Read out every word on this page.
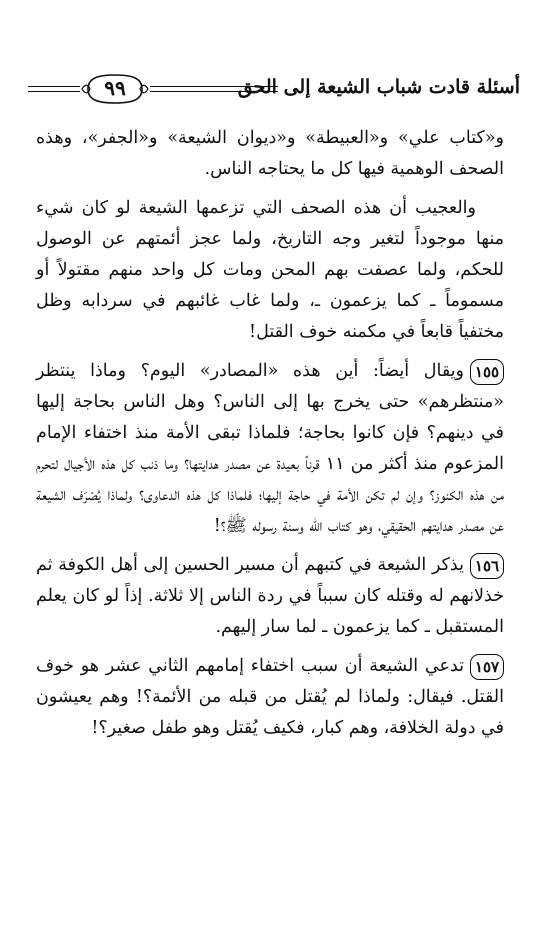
٩٩	أسئلة قادت شباب الشيعة إلى الحق

و«كتاب علي» و«العبيطة» و«ديوان الشيعة» و«الجفر»، وهذه الصحف الوهمية فيها كل ما يحتاجه الناس.

والعجيب أن هذه الصحف التي تزعمها الشيعة لو كان شيء منها موجوداً لتغير وجه التاريخ، ولما عجز أئمتهم عن الوصول للحكم، ولما عصفت بهم المحن ومات كل واحد منهم مقتولاً أو مسموماً ـ كما يزعمون ـ، ولما غاب غائبهم في سردابه وظل مختفياً قابعاً في مكمنه خوف القتل!

١٥٥ويقال أيضاً: أين هذه «المصادر» اليوم؟ وماذا ينتظر «منتظرهم» حتى يخرج بها إلى الناس؟ وهل الناس بحاجة إليها في دينهم؟ فإن كانوا بحاجة؛ فلماذا تبقى الأمة منذ اختفاء الإمام المزعوم منذ أكثر من ١١ قرناً بعيدة عن مصدر هدايتها؟ وما ذنب كل هذه الأجيال لتحرم من هذه الكنوز؟ وإن لم تكن الأمة في حاجة إليها؛ فلماذا كل هذه الدعاوى؟ ولماذا يُصْرَف الشيعة عن مصدر هدايتهم الحقيقي، وهو كتاب الله وسنة رسوله ﷺ؟!

١٥٦يذكر الشيعة في كتبهم أن مسير الحسين إلى أهل الكوفة ثم خذلانهم له وقتله كان سبباً في ردة الناس إلا ثلاثة. إذاً لو كان يعلم المستقبل ـ كما يزعمون ـ لما سار إليهم.

١٥٧تدعي الشيعة أن سبب اختفاء إمامهم الثاني عشر هو خوف القتل. فيقال: ولماذا لم يُقتل من قبله من الأئمة؟! وهم يعيشون في دولة الخلافة، وهم كبار، فكيف يُقتل وهو طفل صغير؟!
